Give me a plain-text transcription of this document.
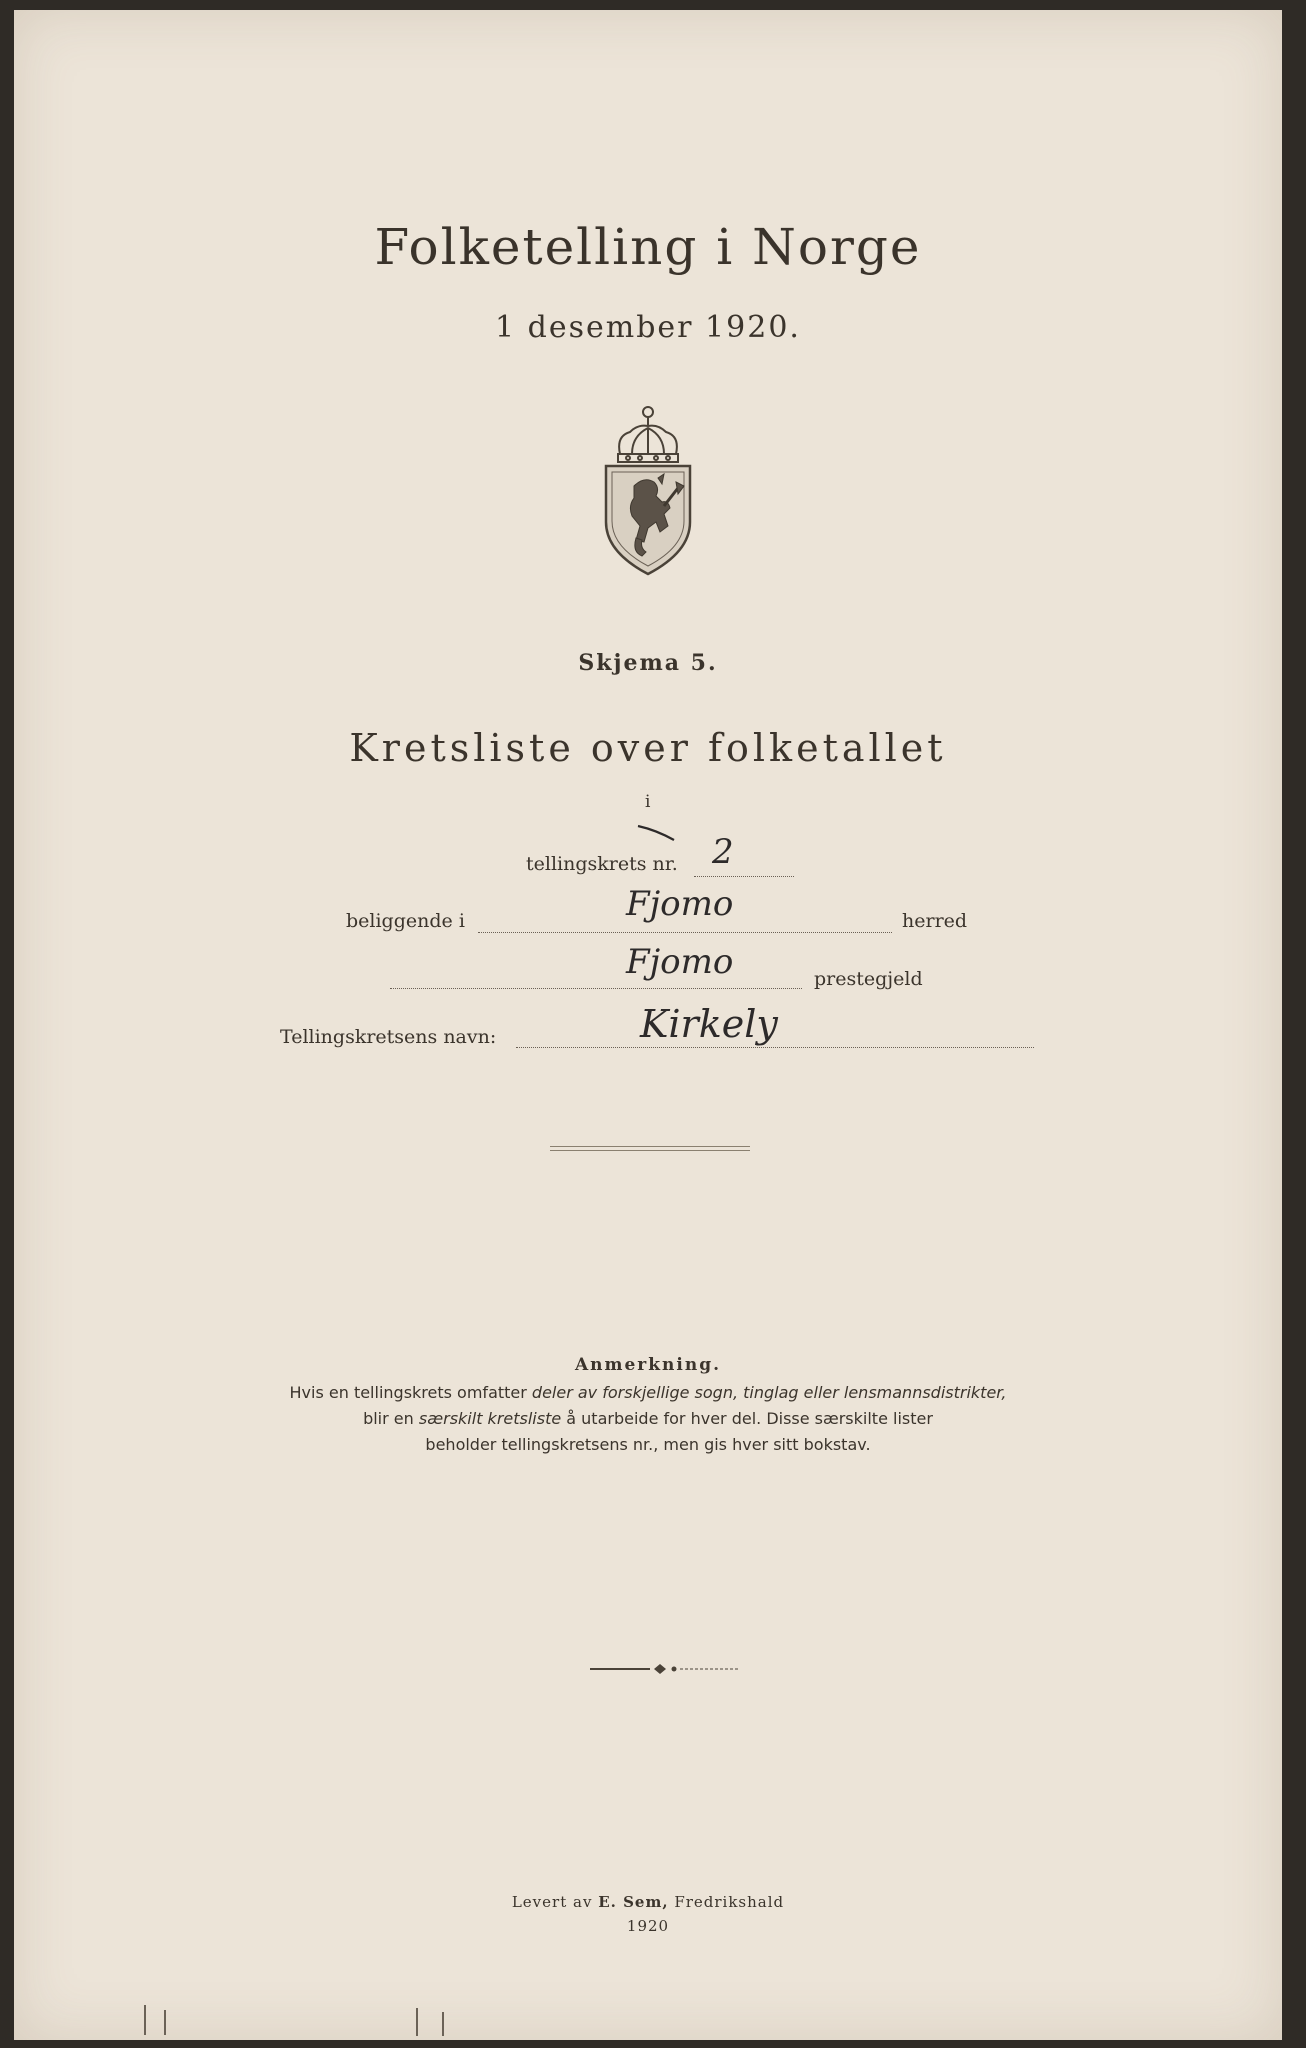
Folketelling i Norge
1 desember 1920.
Skjema 5.
Kretsliste over folketallet
i
tellingskrets nr. 2
beliggende i	Fjomo	herred
Fjomo	prestegjeld
Tellingskretsens navn:	Kirkely
Anmerkning.
Hvis en tellingskrets omfatter deler av forskjellige sogn, tinglag eller lensmannsdistrikter,
blir en særskilt kretsliste å utarbeide for hver del. Disse særskilte lister
beholder tellingskretsens nr., men gis hver sitt bokstav.
Levert av E. Sem, Fredrikshald
1920
